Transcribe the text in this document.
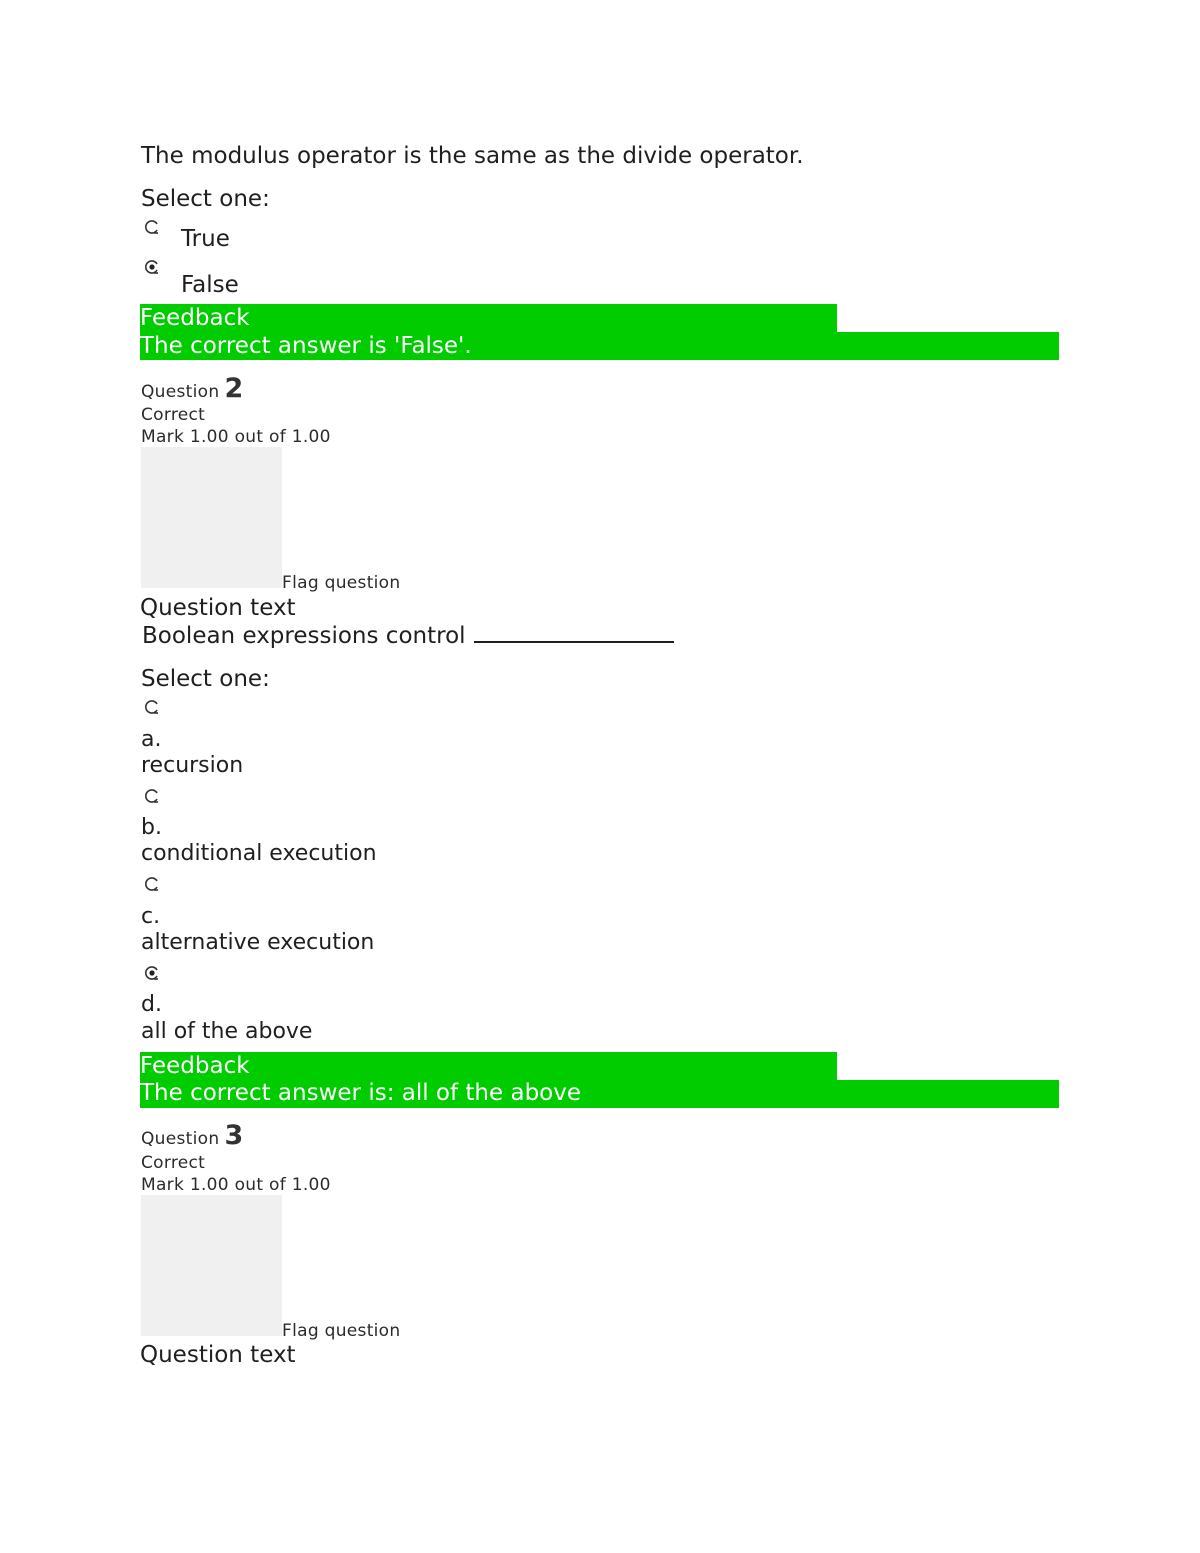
The modulus operator is the same as the divide operator.
Select one:
True
False
Feedback
The correct answer is 'False'.
Question 2
Correct
Mark 1.00 out of 1.00
Flag question
Question text
Boolean expressions control
Select one:
a.
recursion
b.
conditional execution
c.
alternative execution
d.
all of the above
Feedback
The correct answer is: all of the above
Question 3
Correct
Mark 1.00 out of 1.00
Flag question
Question text
